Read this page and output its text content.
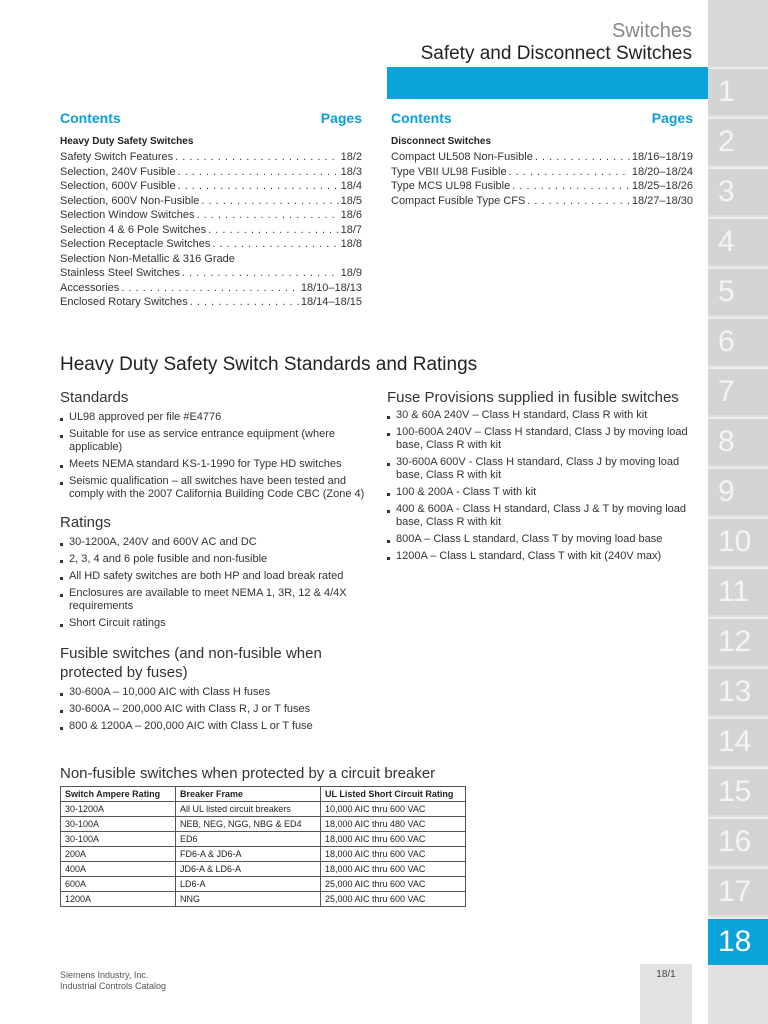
Switches
Safety and Disconnect Switches
1
2
3
4
5
6
7
8
9
10
11
12
13
14
15
16
17
18
Contents	Pages
Heavy Duty Safety Switches
Safety Switch Features . . .	18/2
Selection, 240V Fusible . . .	18/3
Selection, 600V Fusible . . .	18/4
Selection, 600V Non-Fusible . . .	18/5
Selection Window Switches . . .	18/6
Selection 4 & 6 Pole Switches . . .	18/7
Selection Receptacle Switches . . .	18/8
Selection Non-Metallic & 316 Grade
Stainless Steel Switches . . .	18/9
Accessories . . .	18/10–18/13
Enclosed Rotary Switches . . .	18/14–18/15
Contents	Pages
Disconnect Switches
Compact UL508 Non-Fusible . . .	18/16–18/19
Type VBII UL98 Fusible . . .	18/20–18/24
Type MCS UL98 Fusible . . .	18/25–18/26
Compact Fusible Type CFS . . .	18/27–18/30
Heavy Duty Safety Switch Standards and Ratings
Standards
UL98 approved per file #E4776
Suitable for use as service entrance equipment (where applicable)
Meets NEMA standard KS-1-1990 for Type HD switches
Seismic qualification – all switches have been tested and comply with the 2007 California Building Code CBC (Zone 4)
Ratings
30-1200A, 240V and 600V AC and DC
2, 3, 4 and 6 pole fusible and non-fusible
All HD safety switches are both HP and load break rated
Enclosures are available to meet NEMA 1, 3R, 12 & 4/4X requirements
Short Circuit ratings
Fusible switches (and non-fusible when protected by fuses)
30-600A – 10,000 AIC with Class H fuses
30-600A – 200,000 AIC with Class R, J or T fuses
800 & 1200A – 200,000 AIC with Class L or T fuse
Fuse Provisions supplied in fusible switches
30 & 60A 240V – Class H standard, Class R with kit
100-600A 240V – Class H standard, Class J by moving load base, Class R with kit
30-600A 600V - Class H standard, Class J by moving load base, Class R with kit
100 & 200A - Class T with kit
400 & 600A - Class H standard, Class J & T by moving load base, Class R with kit
800A – Class L standard, Class T by moving load base
1200A – Class L standard, Class T with kit (240V max)
Non-fusible switches when protected by a circuit breaker
Switch Ampere Rating	Breaker Frame	UL Listed Short Circuit Rating
30-1200A	All UL listed circuit breakers	10,000 AIC thru 600 VAC
30-100A	NEB, NEG, NGG, NBG & ED4	18,000 AIC thru 480 VAC
30-100A	ED6	18,000 AIC thru 600 VAC
200A	FD6-A & JD6-A	18,000 AIC thru 600 VAC
400A	JD6-A & LD6-A	18,000 AIC thru 600 VAC
600A	LD6-A	25,000 AIC thru 600 VAC
1200A	NNG	25,000 AIC thru 600 VAC
Siemens Industry, Inc.
Industrial Controls Catalog
18/1
